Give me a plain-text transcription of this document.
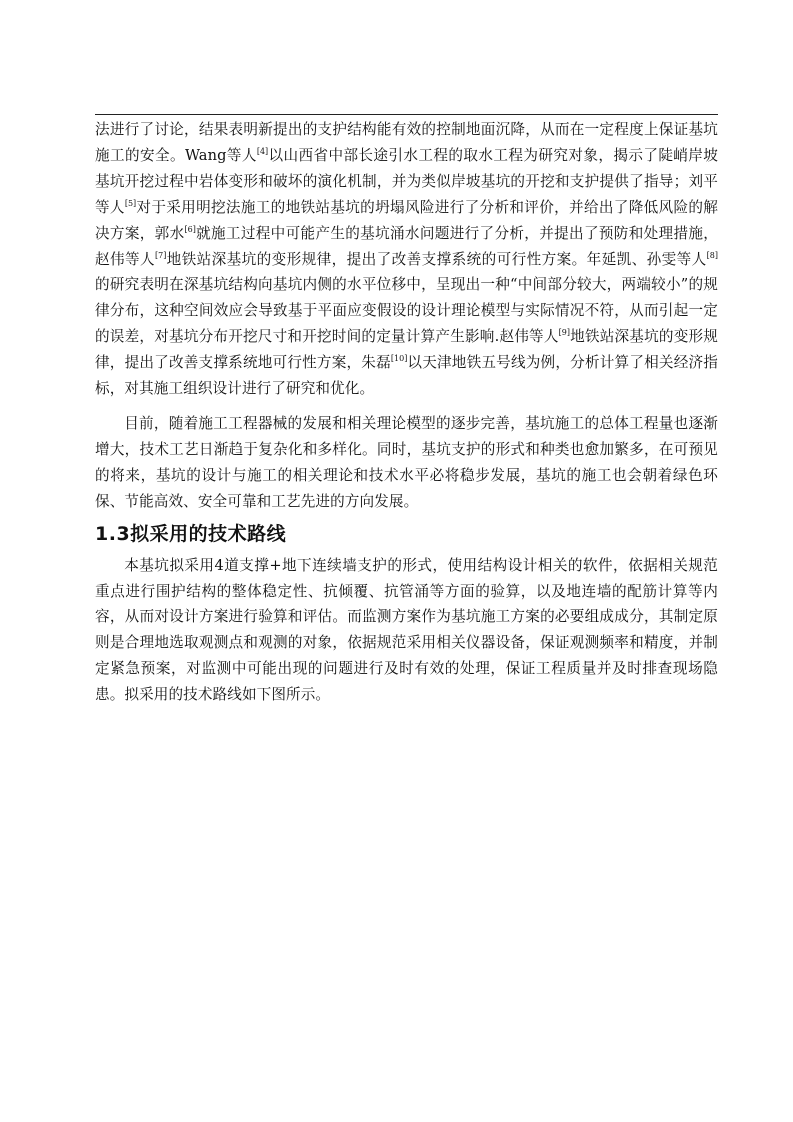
法进行了讨论，结果表明新提出的支护结构能有效的控制地面沉降，从而在一定程度上保证基坑施工的安全。Wang等人[4]以山西省中部长途引水工程的取水工程为研究对象，揭示了陡峭岸坡基坑开挖过程中岩体变形和破坏的演化机制，并为类似岸坡基坑的开挖和支护提供了指导；刘平等人[5]对于采用明挖法施工的地铁站基坑的坍塌风险进行了分析和评价，并给出了降低风险的解决方案，郭水[6]就施工过程中可能产生的基坑涌水问题进行了分析，并提出了预防和处理措施，赵伟等人[7]地铁站深基坑的变形规律，提出了改善支撑系统的可行性方案。年延凯、孙雯等人[8]的研究表明在深基坑结构向基坑内侧的水平位移中，呈现出一种“中间部分较大，两端较小”的规律分布，这种空间效应会导致基于平面应变假设的设计理论模型与实际情况不符，从而引起一定的误差，对基坑分布开挖尺寸和开挖时间的定量计算产生影响.赵伟等人[9]地铁站深基坑的变形规律，提出了改善支撑系统地可行性方案，朱磊[10]以天津地铁五号线为例，分析计算了相关经济指标，对其施工组织设计进行了研究和优化。

目前，随着施工工程器械的发展和相关理论模型的逐步完善，基坑施工的总体工程量也逐渐增大，技术工艺日渐趋于复杂化和多样化。同时，基坑支护的形式和种类也愈加繁多，在可预见的将来，基坑的设计与施工的相关理论和技术水平必将稳步发展，基坑的施工也会朝着绿色环保、节能高效、安全可靠和工艺先进的方向发展。

1.3拟采用的技术路线

本基坑拟采用4道支撑+地下连续墙支护的形式，使用结构设计相关的软件，依据相关规范重点进行围护结构的整体稳定性、抗倾覆、抗管涌等方面的验算，以及地连墙的配筋计算等内容，从而对设计方案进行验算和评估。而监测方案作为基坑施工方案的必要组成成分，其制定原则是合理地选取观测点和观测的对象，依据规范采用相关仪器设备，保证观测频率和精度，并制定紧急预案，对监测中可能出现的问题进行及时有效的处理，保证工程质量并及时排查现场隐患。拟采用的技术路线如下图所示。
